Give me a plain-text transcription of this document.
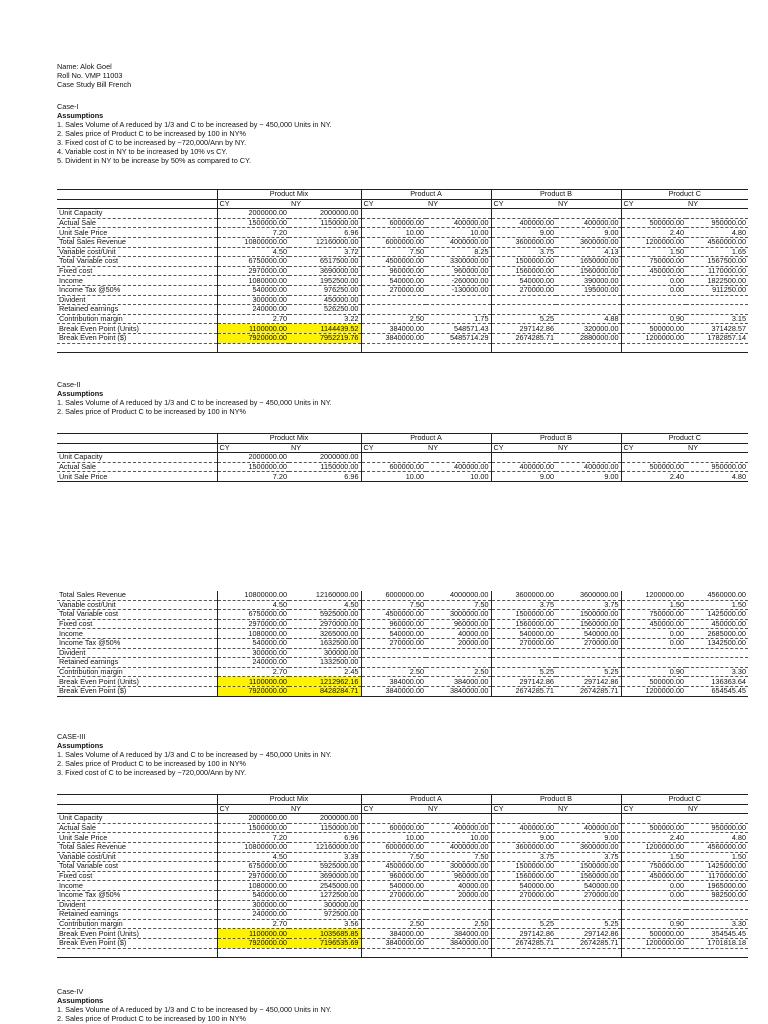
Name: Alok Goel
Roll No. VMP 11003
Case Study Bill French
Case-I
Assumptions
1. Sales Volume of A reduced by 1/3 and C to be increased by ~ 450,000 Units in NY.
2. Sales price of Product C to be increased by 100 in NY%
3. Fixed cost of C to be increased by ~720,000/Ann by NY.
4. Variable cost in NY to be increased by 10% vs CY.
5. Divident in NY to be increase by 50% as compared to CY.
	Product Mix		Product A		Product B		Product C	
	CY	NY	CY	NY	CY	NY	CY	NY
Unit Capacity	2000000.00	2000000.00						
Actual Sale	1500000.00	1150000.00	600000.00	400000.00	400000.00	400000.00	500000.00	950000.00
Unit Sale Price	7.20	6.96	10.00	10.00	9.00	9.00	2.40	4.80
Total Sales Revenue	10800000.00	12160000.00	6000000.00	4000000.00	3600000.00	3600000.00	1200000.00	4560000.00
Variable cost/Unit	4.50	3.72	7.50	8.25	3.75	4.13	1.50	1.65
Total Variable cost	6750000.00	6517500.00	4500000.00	3300000.00	1500000.00	1650000.00	750000.00	1567500.00
Fixed cost	2970000.00	3690000.00	960000.00	960000.00	1560000.00	1560000.00	450000.00	1170000.00
Income	1080000.00	1952500.00	540000.00	-260000.00	540000.00	390000.00	0.00	1822500.00
Income Tax @50%	540000.00	976250.00	270000.00	-130000.00	270000.00	195000.00	0.00	911250.00
Divident	300000.00	450000.00						
Retained earnings	240000.00	526250.00						
Contribution margin	2.70	3.22	2.50	1.75	5.25	4.88	0.90	3.15
Break Even Point (Units)	1100000.00	1144439.52	384000.00	548571.43	297142.86	320000.00	500000.00	371428.57
Break Even Point ($)	7920000.00	7952219.76	3840000.00	5485714.29	2674285.71	2880000.00	1200000.00	1782857.14

Case-II
Assumptions
1. Sales Volume of A reduced by 1/3 and C to be increased by ~ 450,000 Units in NY.
2. Sales price of Product C to be increased by 100 in NY%
	Product Mix		Product A		Product B		Product C	
	CY	NY	CY	NY	CY	NY	CY	NY
Unit Capacity	2000000.00	2000000.00						
Actual Sale	1500000.00	1150000.00	600000.00	400000.00	400000.00	400000.00	500000.00	950000.00
Unit Sale Price	7.20	6.96	10.00	10.00	9.00	9.00	2.40	4.80
Total Sales Revenue	10800000.00	12160000.00	6000000.00	4000000.00	3600000.00	3600000.00	1200000.00	4560000.00
Variable cost/Unit	4.50	4.50	7.50	7.50	3.75	3.75	1.50	1.50
Total Variable cost	6750000.00	5925000.00	4500000.00	3000000.00	1500000.00	1500000.00	750000.00	1425000.00
Fixed cost	2970000.00	2970000.00	960000.00	960000.00	1560000.00	1560000.00	450000.00	450000.00
Income	1080000.00	3265000.00	540000.00	40000.00	540000.00	540000.00	0.00	2685000.00
Income Tax @50%	540000.00	1632500.00	270000.00	20000.00	270000.00	270000.00	0.00	1342500.00
Divident	300000.00	300000.00						
Retained earnings	240000.00	1332500.00						
Contribution margin	2.70	2.45	2.50	2.50	5.25	5.25	0.90	3.30
Break Even Point (Units)	1100000.00	1212962.16	384000.00	384000.00	297142.86	297142.86	500000.00	136363.64
Break Even Point ($)	7920000.00	8428284.71	3840000.00	3840000.00	2674285.71	2674285.71	1200000.00	654545.45
CASE-III
Assumptions
1. Sales Volume of A reduced by 1/3 and C to be increased by ~ 450,000 Units in NY.
2. Sales price of Product C to be increased by 100 in NY%
3. Fixed cost of C to be increased by ~720,000/Ann by NY.
	Product Mix		Product A		Product B		Product C	
	CY	NY	CY	NY	CY	NY	CY	NY
Unit Capacity	2000000.00	2000000.00						
Actual Sale	1500000.00	1150000.00	600000.00	400000.00	400000.00	400000.00	500000.00	950000.00
Unit Sale Price	7.20	6.96	10.00	10.00	9.00	9.00	2.40	4.80
Total Sales Revenue	10800000.00	12160000.00	6000000.00	4000000.00	3600000.00	3600000.00	1200000.00	4560000.00
Variable cost/Unit	4.50	3.39	7.50	7.50	3.75	3.75	1.50	1.50
Total Variable cost	6750000.00	5925000.00	4500000.00	3000000.00	1500000.00	1500000.00	750000.00	1425000.00
Fixed cost	2970000.00	3690000.00	960000.00	960000.00	1560000.00	1560000.00	450000.00	1170000.00
Income	1080000.00	2545000.00	540000.00	40000.00	540000.00	540000.00	0.00	1965000.00
Income Tax @50%	540000.00	1272500.00	270000.00	20000.00	270000.00	270000.00	0.00	982500.00
Divident	300000.00	300000.00						
Retained earnings	240000.00	972500.00						
Contribution margin	2.70	3.56	2.50	2.50	5.25	5.25	0.90	3.30
Break Even Point (Units)	1100000.00	1035685.85	384000.00	384000.00	297142.86	297142.86	500000.00	354545.45
Break Even Point ($)	7920000.00	7196535.69	3840000.00	3840000.00	2674285.71	2674285.71	1200000.00	1701818.18

Case-IV
Assumptions
1. Sales Volume of A reduced by 1/3 and C to be increased by ~ 450,000 Units in NY.
2. Sales price of Product C to be increased by 100 in NY%
